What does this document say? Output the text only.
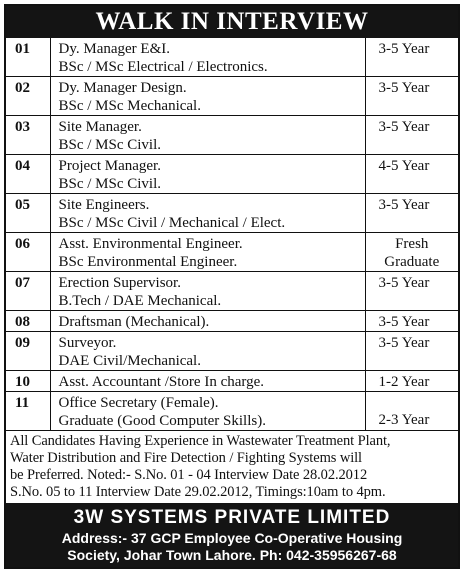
WALK IN INTERVIEW
01	Dy. Manager E&I.
BSc / MSc Electrical / Electronics.	3-5 Year

02	Dy. Manager Design.
BSc / MSc Mechanical.	3-5 Year

03	Site Manager.
BSc / MSc Civil.	3-5 Year

04	Project Manager.
BSc / MSc Civil.	4-5 Year

05	Site Engineers.
BSc / MSc Civil / Mechanical / Elect.	3-5 Year

06	Asst. Environmental Engineer.
BSc Environmental Engineer.	Fresh
Graduate

07	Erection Supervisor.
B.Tech / DAE Mechanical.	3-5 Year

08	Draftsman (Mechanical).	3-5 Year

09	Surveyor.
DAE Civil/Mechanical.	3-5 Year

10	Asst. Accountant /Store In charge.	1-2 Year

11	Office Secretary (Female).
Graduate (Good Computer Skills).	2-3 Year
All Candidates Having Experience in Wastewater Treatment Plant,
Water Distribution and Fire Detection / Fighting Systems will
be Preferred. Noted:- S.No. 01 - 04 Interview Date 28.02.2012
S.No. 05 to 11 Interview Date 29.02.2012, Timings:10am to 4pm.
3W SYSTEMS PRIVATE LIMITED
Address:- 37 GCP Employee Co-Operative Housing
Society, Johar Town Lahore. Ph: 042-35956267-68
